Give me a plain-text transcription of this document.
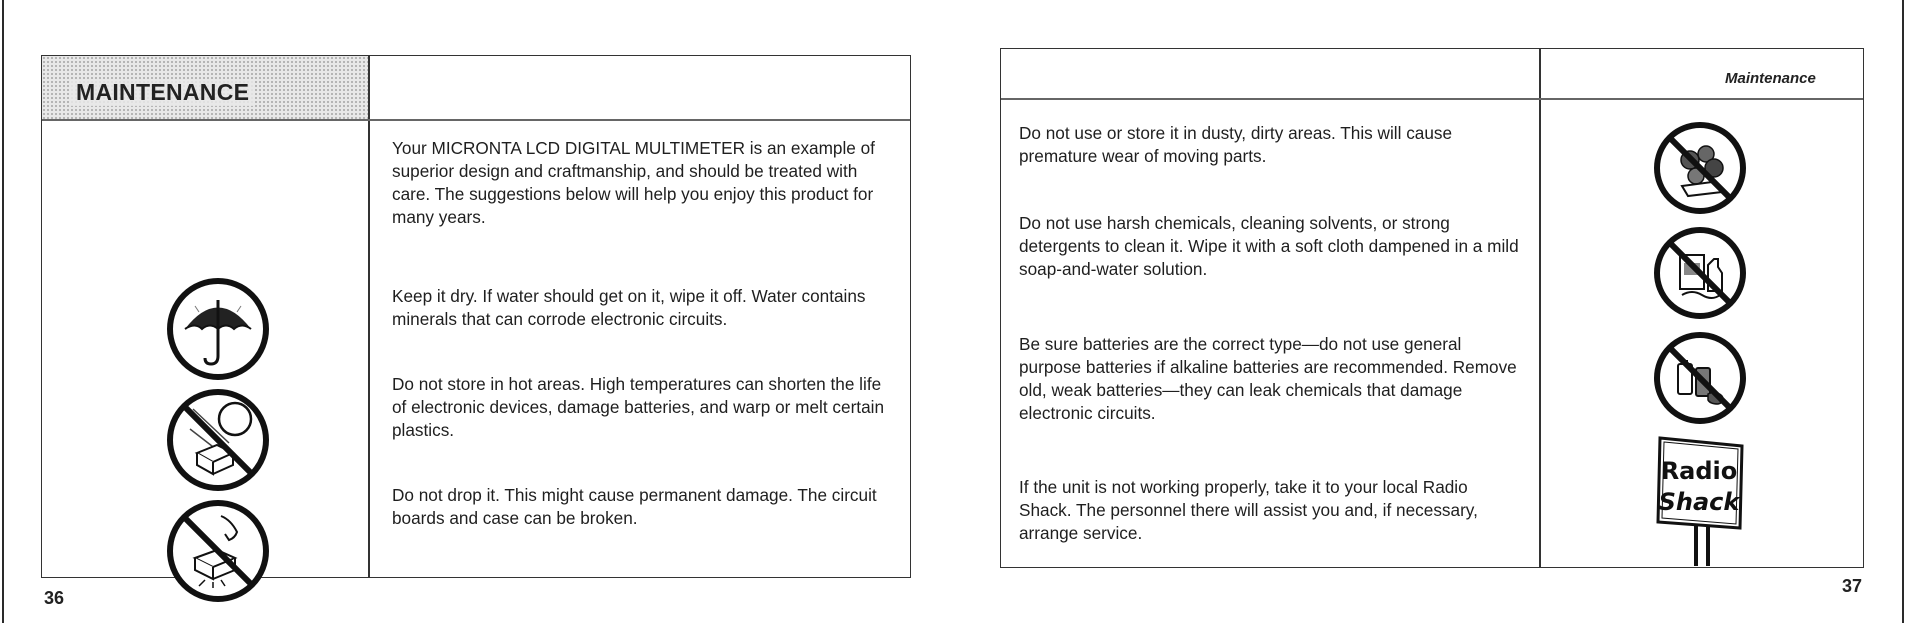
MAINTENANCE
Your MICRONTA LCD DIGITAL MULTIMETER is an example of superior design and craftmanship, and should be treated with care. The suggestions below will help you enjoy this product for many years.
Keep it dry. If water should get on it, wipe it off. Water contains minerals that can corrode electronic circuits.
Do not store in hot areas. High temperatures can shorten the life of electronic devices, damage batteries, and warp or melt certain plastics.
Do not drop it. This might cause permanent damage. The circuit boards and case can be broken.
36
Maintenance
Do not use or store it in dusty, dirty areas. This will cause premature wear of moving parts.
Do not use harsh chemicals, cleaning solvents, or strong detergents to clean it. Wipe it with a soft cloth dampened in a mild soap-and-water solution.
Be sure batteries are the correct type—do not use general purpose batteries if alkaline batteries are recommended. Remove old, weak batteries—they can leak chemicals that damage electronic circuits.
If the unit is not working properly, take it to your local Radio Shack. The personnel there will assist you and, if necessary, arrange service.
Radio
Shack
37
